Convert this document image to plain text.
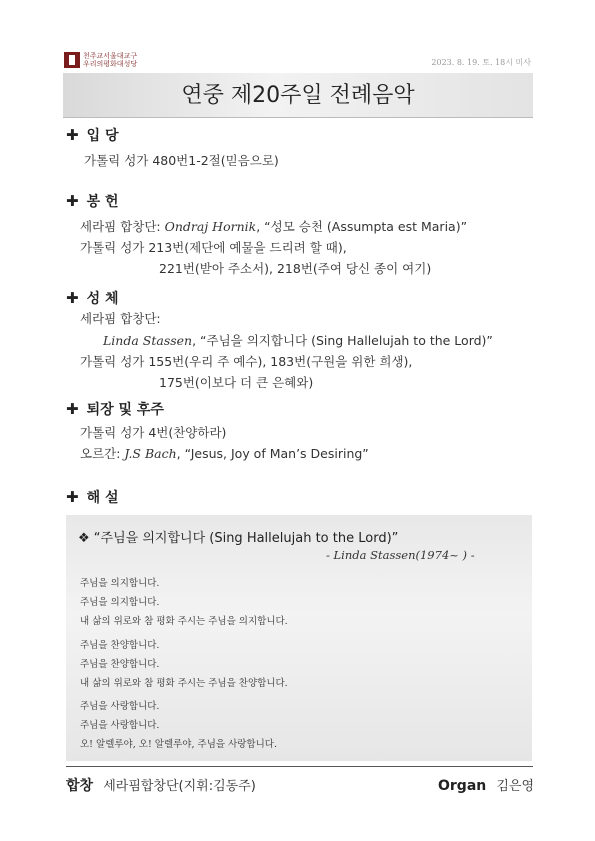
천주교서울대교구
우리의평화대성당	2023. 8. 19. 토. 18시 미사
연중 제20주일 전례음악
✚ 입 당
가톨릭 성가 480번1-2절(믿음으로)
✚ 봉 헌
세라핌 합창단: Ondraj Hornik, “성모 승천 (Assumpta est Maria)”
가톨릭 성가 213번(제단에 예물을 드리려 할 때),
221번(받아 주소서), 218번(주여 당신 종이 여기)
✚ 성 체
세라핌 합창단:
Linda Stassen, “주님을 의지합니다 (Sing Hallelujah to the Lord)”
가톨릭 성가 155번(우리 주 예수), 183번(구원을 위한 희생),
175번(이보다 더 큰 은혜와)
✚ 퇴장 및 후주
가톨릭 성가 4번(찬양하라)
오르간: J.S Bach, “Jesus, Joy of Man’s Desiring”
✚ 해 설
❖ “주님을 의지합니다 (Sing Hallelujah to the Lord)”
- Linda Stassen(1974~ ) -
주님을 의지합니다.
주님을 의지합니다.
내 삶의 위로와 참 평화 주시는 주님을 의지합니다.
주님을 찬양합니다.
주님을 찬양합니다.
내 삶의 위로와 참 평화 주시는 주님을 찬양합니다.
주님을 사랑합니다.
주님을 사랑합니다.
오! 알렐루야, 오! 알렐루야, 주님을 사랑합니다.
합창 세라핌합창단(지휘:김동주)	Organ 김은영
